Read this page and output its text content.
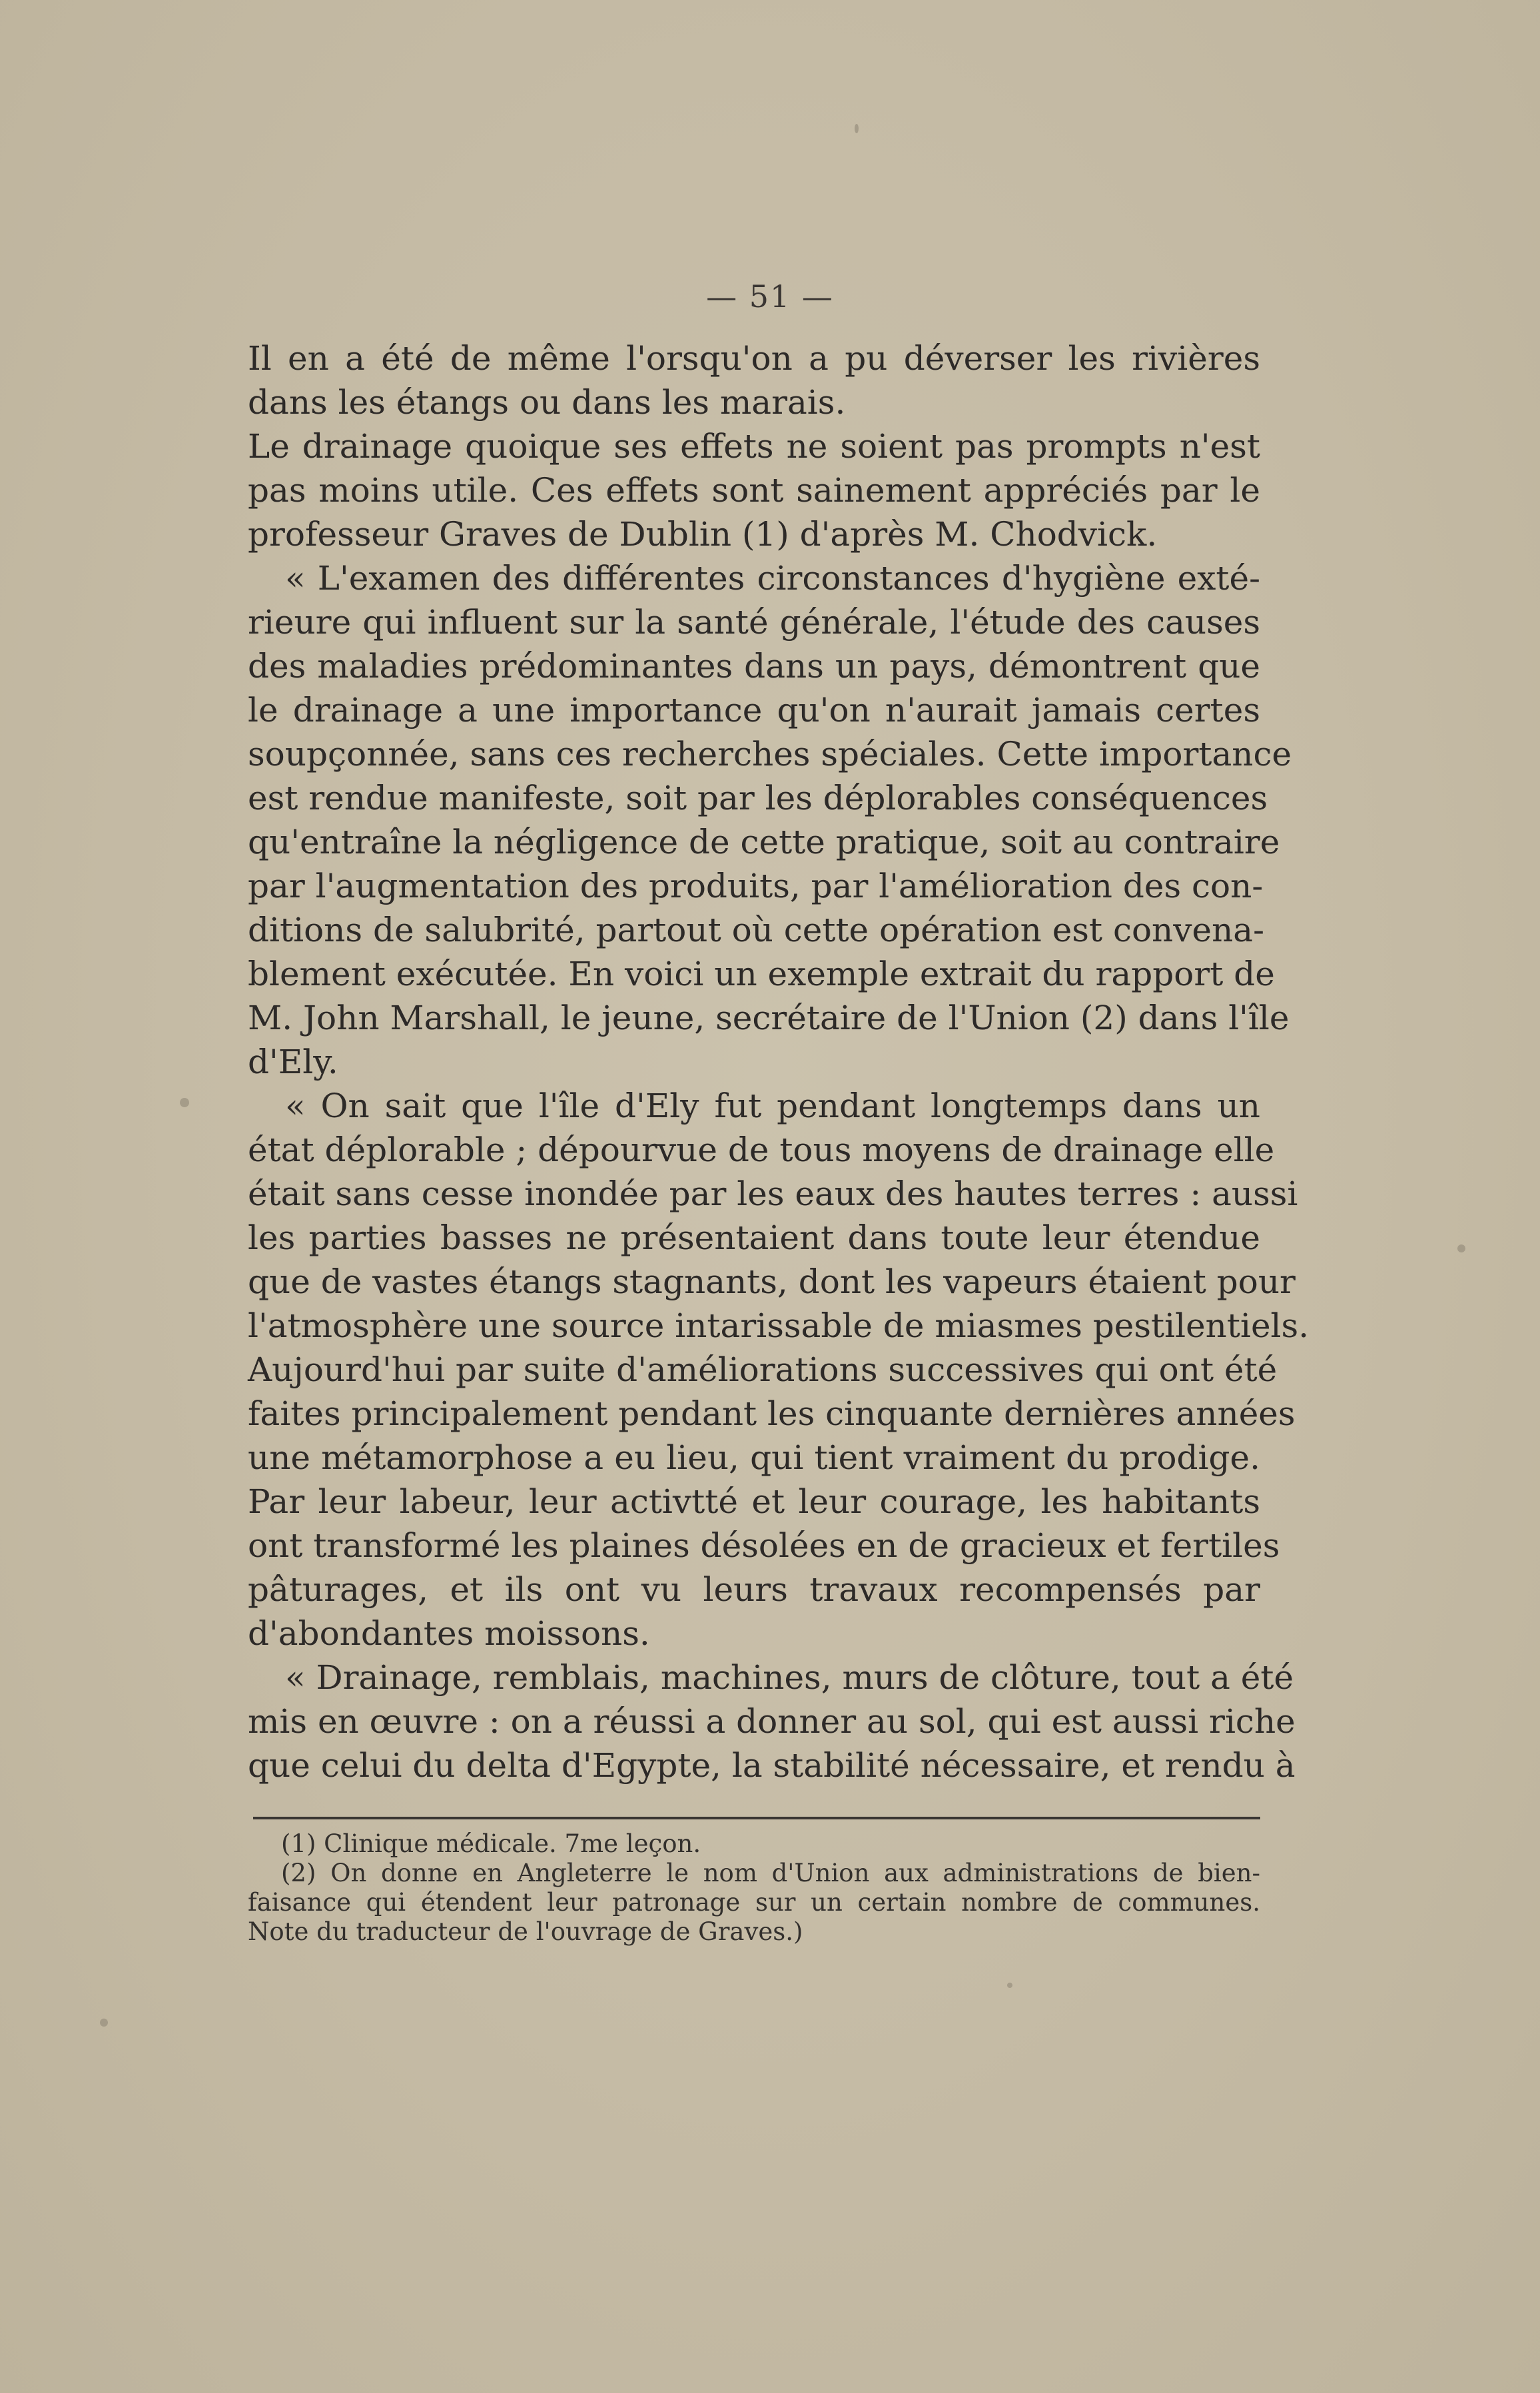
— 51 —
Il en a été de même l'orsqu'on a pu déverser les rivières
dans les étangs ou dans les marais.
Le drainage quoique ses effets ne soient pas prompts n'est
pas moins utile. Ces effets sont sainement appréciés par le
professeur Graves de Dublin (1) d'après M. Chodvick.
« L'examen des différentes circonstances d'hygiène exté-
rieure qui influent sur la santé générale, l'étude des causes
des maladies prédominantes dans un pays, démontrent que
le drainage a une importance qu'on n'aurait jamais certes
soupçonnée, sans ces recherches spéciales. Cette importance
est rendue manifeste, soit par les déplorables conséquences
qu'entraîne la négligence de cette pratique, soit au contraire
par l'augmentation des produits, par l'amélioration des con-
ditions de salubrité, partout où cette opération est convena-
blement exécutée. En voici un exemple extrait du rapport de
M. John Marshall, le jeune, secrétaire de l'Union (2) dans l'île
d'Ely.
« On sait que l'île d'Ely fut pendant longtemps dans un
état déplorable ; dépourvue de tous moyens de drainage elle
était sans cesse inondée par les eaux des hautes terres : aussi
les parties basses ne présentaient dans toute leur étendue
que de vastes étangs stagnants, dont les vapeurs étaient pour
l'atmosphère une source intarissable de miasmes pestilentiels.
Aujourd'hui par suite d'améliorations successives qui ont été
faites principalement pendant les cinquante dernières années
une métamorphose a eu lieu, qui tient vraiment du prodige.
Par leur labeur, leur activtté et leur courage, les habitants
ont transformé les plaines désolées en de gracieux et fertiles
pâturages, et ils ont vu leurs travaux recompensés par
d'abondantes moissons.
« Drainage, remblais, machines, murs de clôture, tout a été
mis en œuvre : on a réussi a donner au sol, qui est aussi riche
que celui du delta d'Egypte, la stabilité nécessaire, et rendu à
(1) Clinique médicale. 7me leçon.
(2) On donne en Angleterre le nom d'Union aux administrations de bien-
faisance qui étendent leur patronage sur un certain nombre de communes.
Note du traducteur de l'ouvrage de Graves.)
